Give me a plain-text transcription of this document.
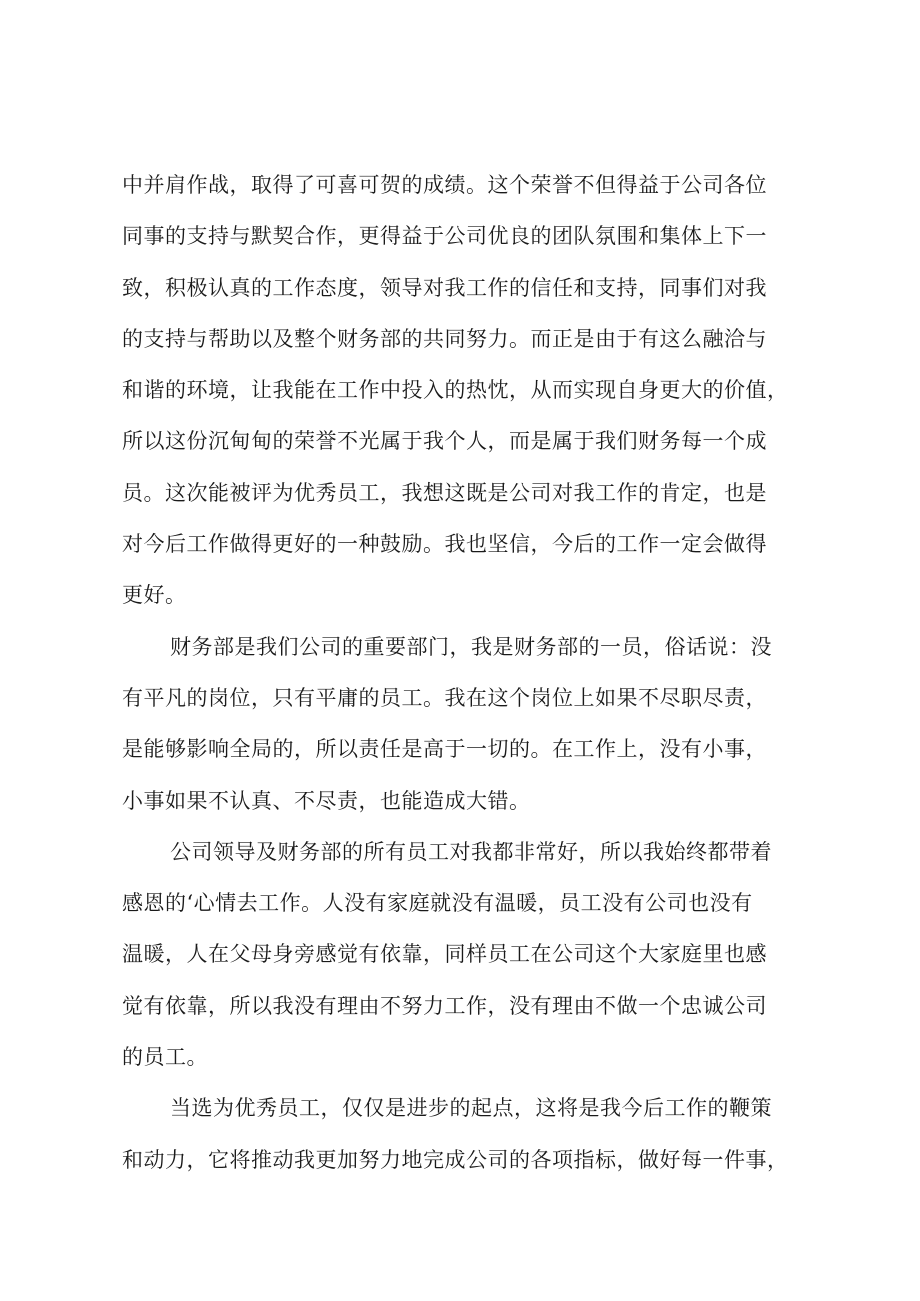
中并肩作战，取得了可喜可贺的成绩。这个荣誉不但得益于公司各位
同事的支持与默契合作，更得益于公司优良的团队氛围和集体上下一
致，积极认真的工作态度，领导对我工作的信任和支持，同事们对我
的支持与帮助以及整个财务部的共同努力。而正是由于有这么融洽与
和谐的环境，让我能在工作中投入的热忱，从而实现自身更大的价值，
所以这份沉甸甸的荣誉不光属于我个人，而是属于我们财务每一个成
员。这次能被评为优秀员工，我想这既是公司对我工作的肯定，也是
对今后工作做得更好的一种鼓励。我也坚信，今后的工作一定会做得
更好。
财务部是我们公司的重要部门，我是财务部的一员，俗话说：没
有平凡的岗位，只有平庸的员工。我在这个岗位上如果不尽职尽责，
是能够影响全局的，所以责任是高于一切的。在工作上，没有小事，
小事如果不认真、不尽责，也能造成大错。
公司领导及财务部的所有员工对我都非常好，所以我始终都带着
感恩的‘心情去工作。人没有家庭就没有温暖，员工没有公司也没有
温暖，人在父母身旁感觉有依靠，同样员工在公司这个大家庭里也感
觉有依靠，所以我没有理由不努力工作，没有理由不做一个忠诚公司
的员工。
当选为优秀员工，仅仅是进步的起点，这将是我今后工作的鞭策
和动力，它将推动我更加努力地完成公司的各项指标，做好每一件事，
